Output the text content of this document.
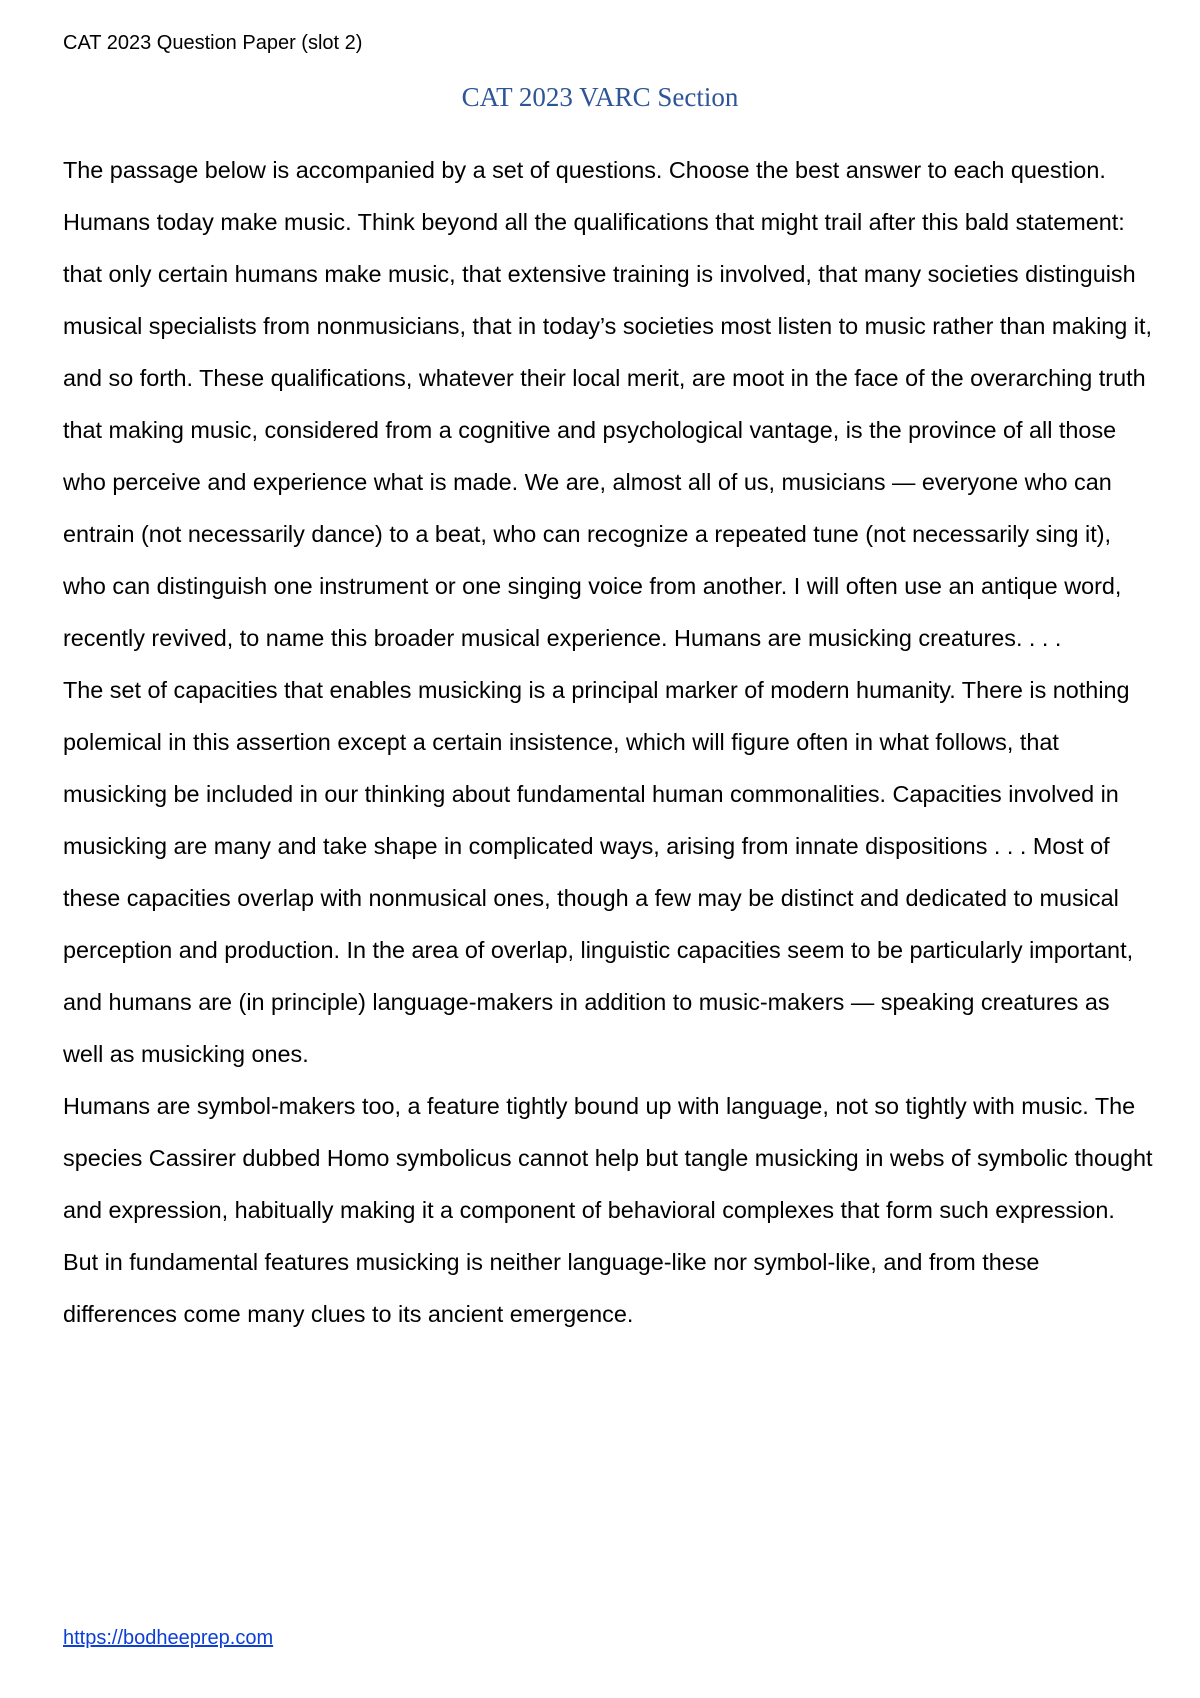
CAT 2023 Question Paper (slot 2)
CAT 2023 VARC Section

The passage below is accompanied by a set of questions. Choose the best answer to each question.

Humans today make music. Think beyond all the qualifications that might trail after this bald statement: that only certain humans make music, that extensive training is involved, that many societies distinguish musical specialists from nonmusicians, that in today’s societies most listen to music rather than making it, and so forth. These qualifications, whatever their local merit, are moot in the face of the overarching truth that making music, considered from a cognitive and psychological vantage, is the province of all those who perceive and experience what is made. We are, almost all of us, musicians — everyone who can entrain (not necessarily dance) to a beat, who can recognize a repeated tune (not necessarily sing it), who can distinguish one instrument or one singing voice from another. I will often use an antique word, recently revived, to name this broader musical experience. Humans are musicking creatures. . . .

The set of capacities that enables musicking is a principal marker of modern humanity. There is nothing polemical in this assertion except a certain insistence, which will figure often in what follows, that musicking be included in our thinking about fundamental human commonalities. Capacities involved in musicking are many and take shape in complicated ways, arising from innate dispositions . . . Most of these capacities overlap with nonmusical ones, though a few may be distinct and dedicated to musical perception and production. In the area of overlap, linguistic capacities seem to be particularly important, and humans are (in principle) language-makers in addition to music-makers — speaking creatures as well as musicking ones.

Humans are symbol-makers too, a feature tightly bound up with language, not so tightly with music. The species Cassirer dubbed Homo symbolicus cannot help but tangle musicking in webs of symbolic thought and expression, habitually making it a component of behavioral complexes that form such expression. But in fundamental features musicking is neither language-like nor symbol-like, and from these differences come many clues to its ancient emergence.

https://bodheeprep.com
